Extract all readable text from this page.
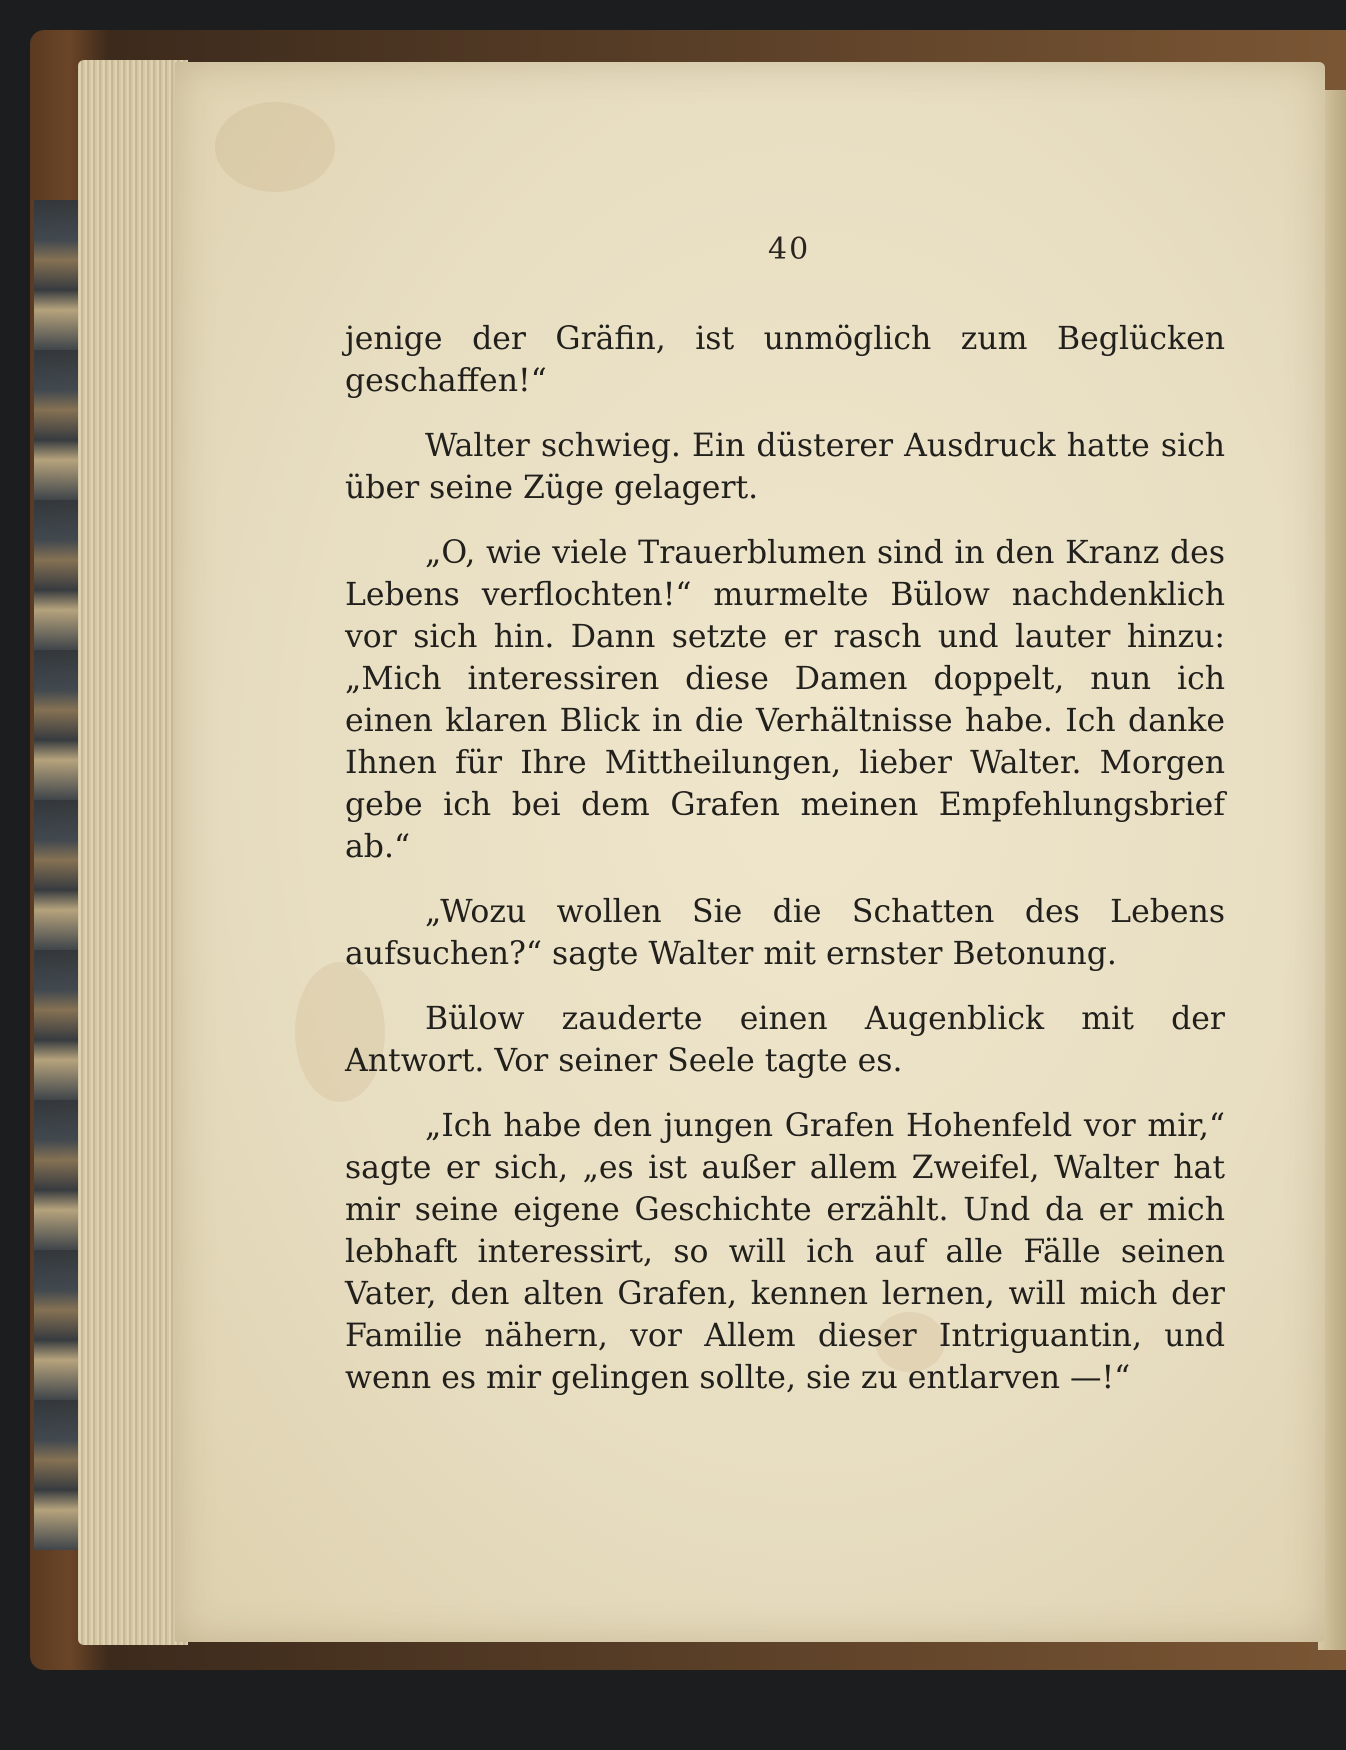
40

jenige der Gräfin, ist unmöglich zum Beglücken geschaffen!“

Walter schwieg. Ein düsterer Ausdruck hatte sich über seine Züge gelagert.

„O, wie viele Trauerblumen sind in den Kranz des Lebens verflochten!“ murmelte Bülow nachdenklich vor sich hin. Dann setzte er rasch und lauter hinzu: „Mich interessiren diese Damen doppelt, nun ich einen klaren Blick in die Verhältnisse habe. Ich danke Ihnen für Ihre Mittheilungen, lieber Walter. Morgen gebe ich bei dem Grafen meinen Empfehlungsbrief ab.“

„Wozu wollen Sie die Schatten des Lebens aufsuchen?“ sagte Walter mit ernster Betonung.

Bülow zauderte einen Augenblick mit der Antwort. Vor seiner Seele tagte es.

„Ich habe den jungen Grafen Hohenfeld vor mir,“ sagte er sich, „es ist außer allem Zweifel, Walter hat mir seine eigene Geschichte erzählt. Und da er mich lebhaft interessirt, so will ich auf alle Fälle seinen Vater, den alten Grafen, kennen lernen, will mich der Familie nähern, vor Allem dieser Intriguantin, und wenn es mir gelingen sollte, sie zu entlarven —!“
